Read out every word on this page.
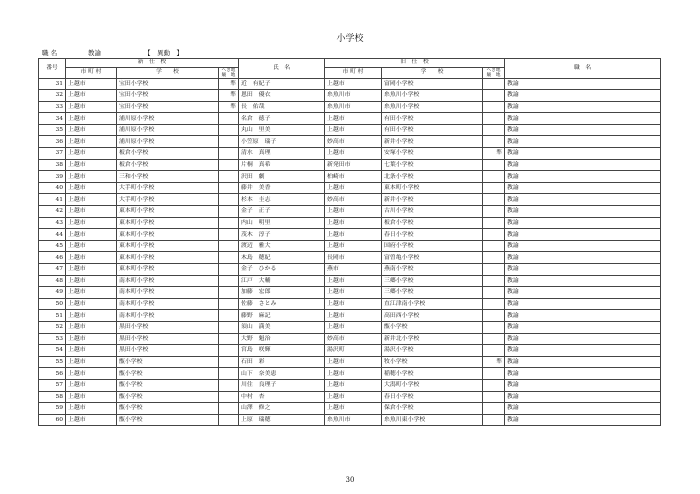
小学校
職 名	教諭	【　異動　】
番号	新　任　校			氏　名	旧　任　校			職　名
	市 町 村	学　　校	へき地
級　地		市 町 村	学　　校	へき地
級　地	
31	上越市	宝田小学校	準	近　有紀子	上越市	富岡小学校		教諭
32	上越市	宝田小学校	準	恩田　優衣	糸魚川市	糸魚川小学校		教諭
33	上越市	宝田小学校	準	長　佑哉	糸魚川市	糸魚川小学校		教諭
34	上越市	浦川原小学校		名倉　徳子	上越市	有田小学校		教諭
35	上越市	浦川原小学校		丸山　里美	上越市	有田小学校		教諭
36	上越市	浦川原小学校		小笠原　瑞子	妙高市	新井小学校		教諭
37	上越市	板倉小学校		清水　真理	上越市	安塚小学校	準	教諭
38	上越市	板倉小学校		片桐　真希	新発田市	七葉小学校		教諭
39	上越市	三和小学校		沢田　劇	柏崎市	北条小学校		教諭
40	上越市	大手町小学校		藤井　美香	上越市	東本町小学校		教諭
41	上越市	大手町小学校		杉本　圭志	妙高市	新井小学校		教諭
42	上越市	東本町小学校		金子　正子	上越市	古川小学校		教諭
43	上越市	東本町小学校		内山　明里	上越市	板倉小学校		教諭
44	上越市	東本町小学校		茂木　淳子	上越市	春日小学校		教諭
45	上越市	東本町小学校		渡辺　雅大	上越市	国府小学校		教諭
46	上越市	東本町小学校		木島　穂紀	長岡市	富曽亀小学校		教諭
47	上越市	東本町小学校		金子　ひかる	燕市	燕南小学校		教諭
48	上越市	南本町小学校		江戸　大輔	上越市	三郷小学校		教諭
49	上越市	南本町小学校		加藤　宏郎	上越市	三郷小学校		教諭
50	上越市	南本町小学校		佐藤　さとみ	上越市	直江津南小学校		教諭
51	上越市	南本町小学校		藤野　麻記	上越市	高田西小学校		教諭
52	上越市	黒田小学校		須山　満美	上越市	甑小学校		教諭
53	上越市	黒田小学校		大野　魁治	妙高市	新井北小学校		教諭
54	上越市	黒田小学校		宮島　咲輝	湯沢町	湯沢小学校		教諭
55	上越市	甑小学校		石田　彩	上越市	牧小学校	準	教諭
56	上越市	甑小学校		山下　奈美恵	上越市	稲穂小学校		教諭
57	上越市	甑小学校		川住　良理子	上越市	大潟町小学校		教諭
58	上越市	甑小学校		中村　杏	上越市	春日小学校		教諭
59	上越市	甑小学校		山澤　修之	上越市	保倉小学校		教諭
60	上越市	甑小学校		上原　瑞穂	糸魚川市	糸魚川東小学校		教諭
30
